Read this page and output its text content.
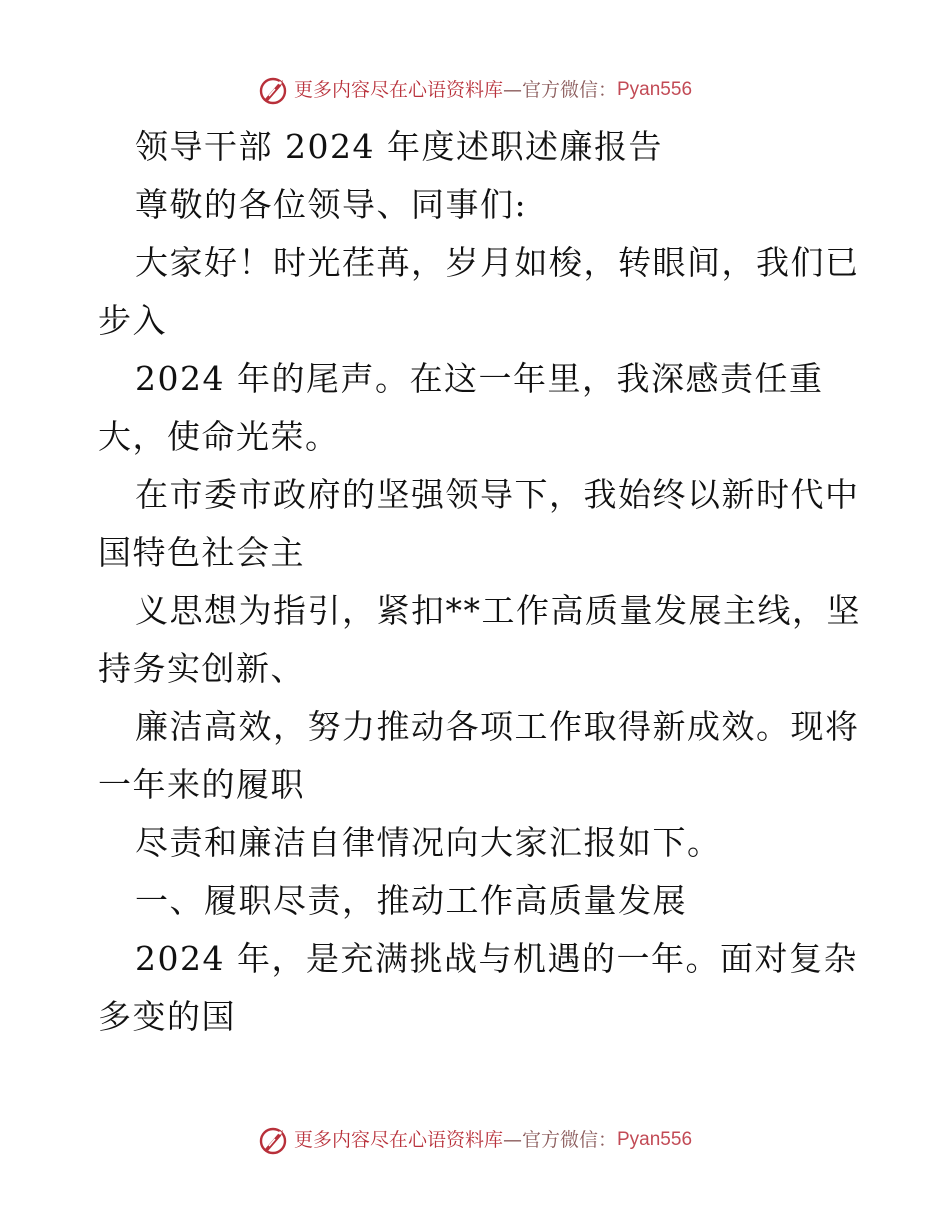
更多内容尽在心语资料库—官方微信：Pyan556
领导干部 2024 年度述职述廉报告
尊敬的各位领导、同事们:
大家好！时光荏苒，岁月如梭，转眼间，我们已
步入
2024 年的尾声。在这一年里，我深感责任重
大，使命光荣。
在市委市政府的坚强领导下，我始终以新时代中
国特色社会主
义思想为指引，紧扣**工作高质量发展主线，坚
持务实创新、
廉洁高效，努力推动各项工作取得新成效。现将
一年来的履职
尽责和廉洁自律情况向大家汇报如下。
一、履职尽责，推动工作高质量发展
2024 年，是充满挑战与机遇的一年。面对复杂
多变的国
更多内容尽在心语资料库—官方微信：Pyan556
